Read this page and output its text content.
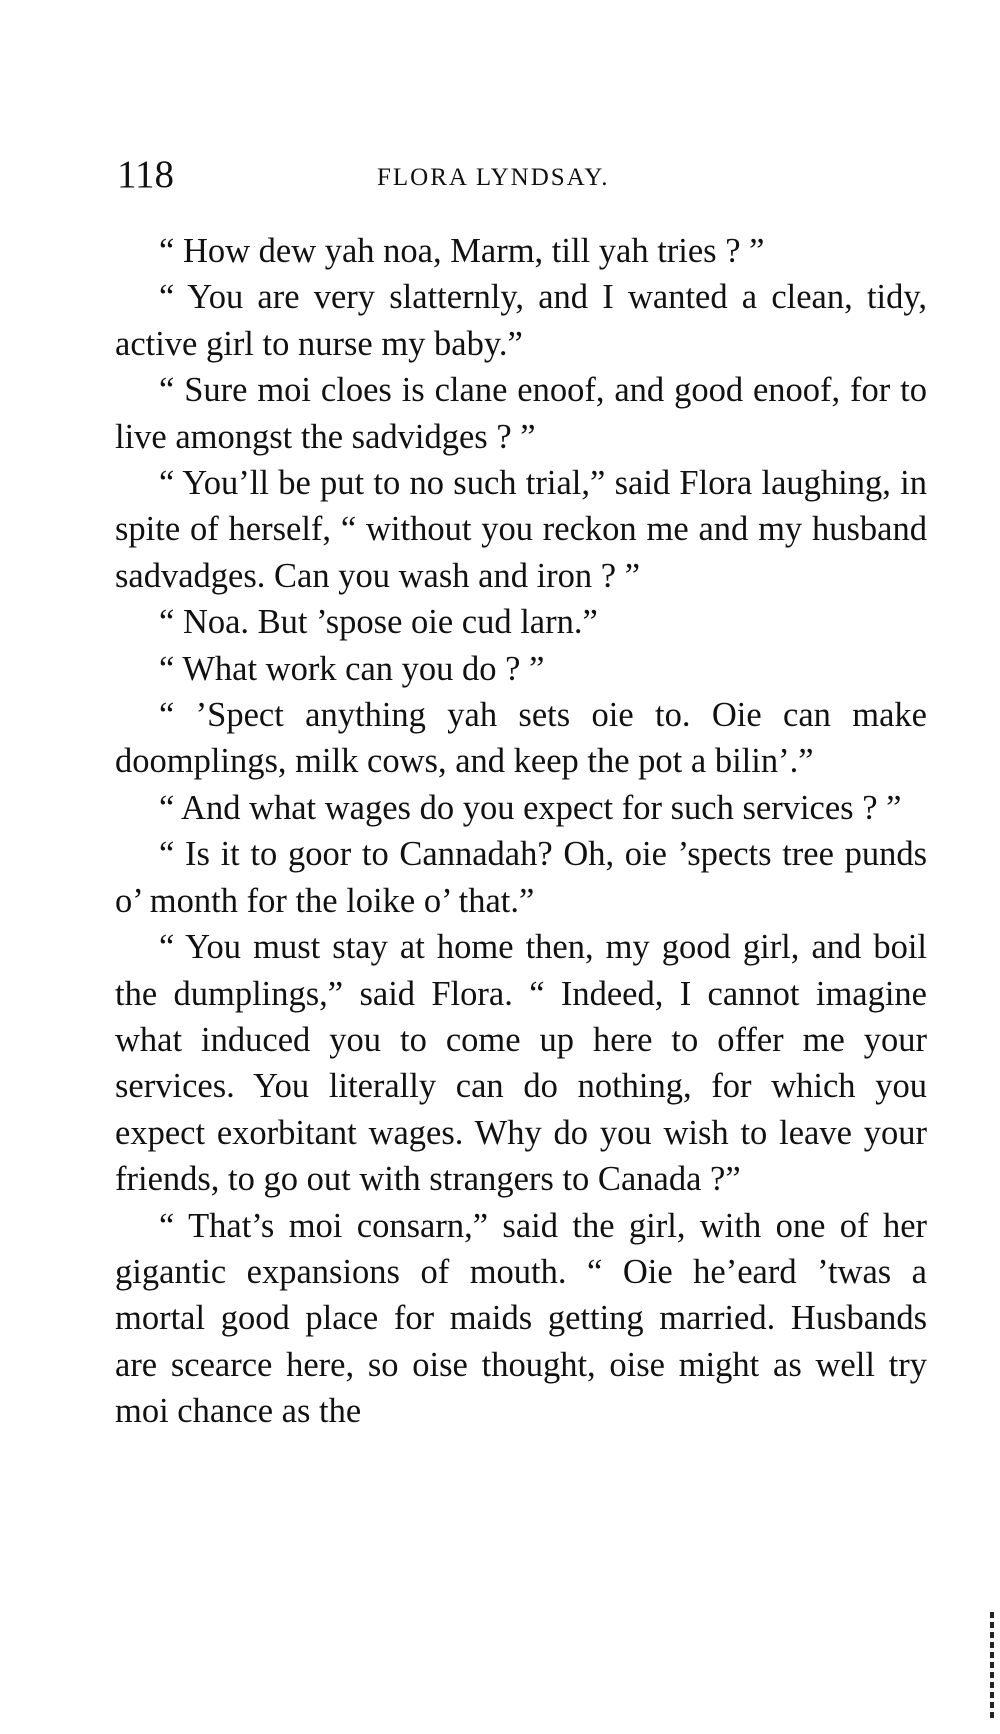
118	FLORA LYNDSAY.

“ How dew yah noa, Marm, till yah tries ? ”

“ You are very slatternly, and I wanted a clean, tidy, active girl to nurse my baby.”

“ Sure moi cloes is clane enoof, and good enoof, for to live amongst the sadvidges ? ”

“ You’ll be put to no such trial,” said Flora laughing, in spite of herself, “ without you reckon me and my husband sadvadges. Can you wash and iron ? ”

“ Noa. But ’spose oie cud larn.”

“ What work can you do ? ”

“ ’Spect anything yah sets oie to. Oie can make doomplings, milk cows, and keep the pot a bilin’.”

“ And what wages do you expect for such services ? ”

“ Is it to goor to Cannadah? Oh, oie ’spects tree punds o’ month for the loike o’ that.”

“ You must stay at home then, my good girl, and boil the dumplings,” said Flora. “ Indeed, I cannot imagine what induced you to come up here to offer me your services. You literally can do nothing, for which you expect exorbitant wages. Why do you wish to leave your friends, to go out with strangers to Canada ?”

“ That’s moi consarn,” said the girl, with one of her gigantic expansions of mouth. “ Oie he’eard ’twas a mortal good place for maids getting married. Husbands are scearce here, so oise thought, oise might as well try moi chance as the
